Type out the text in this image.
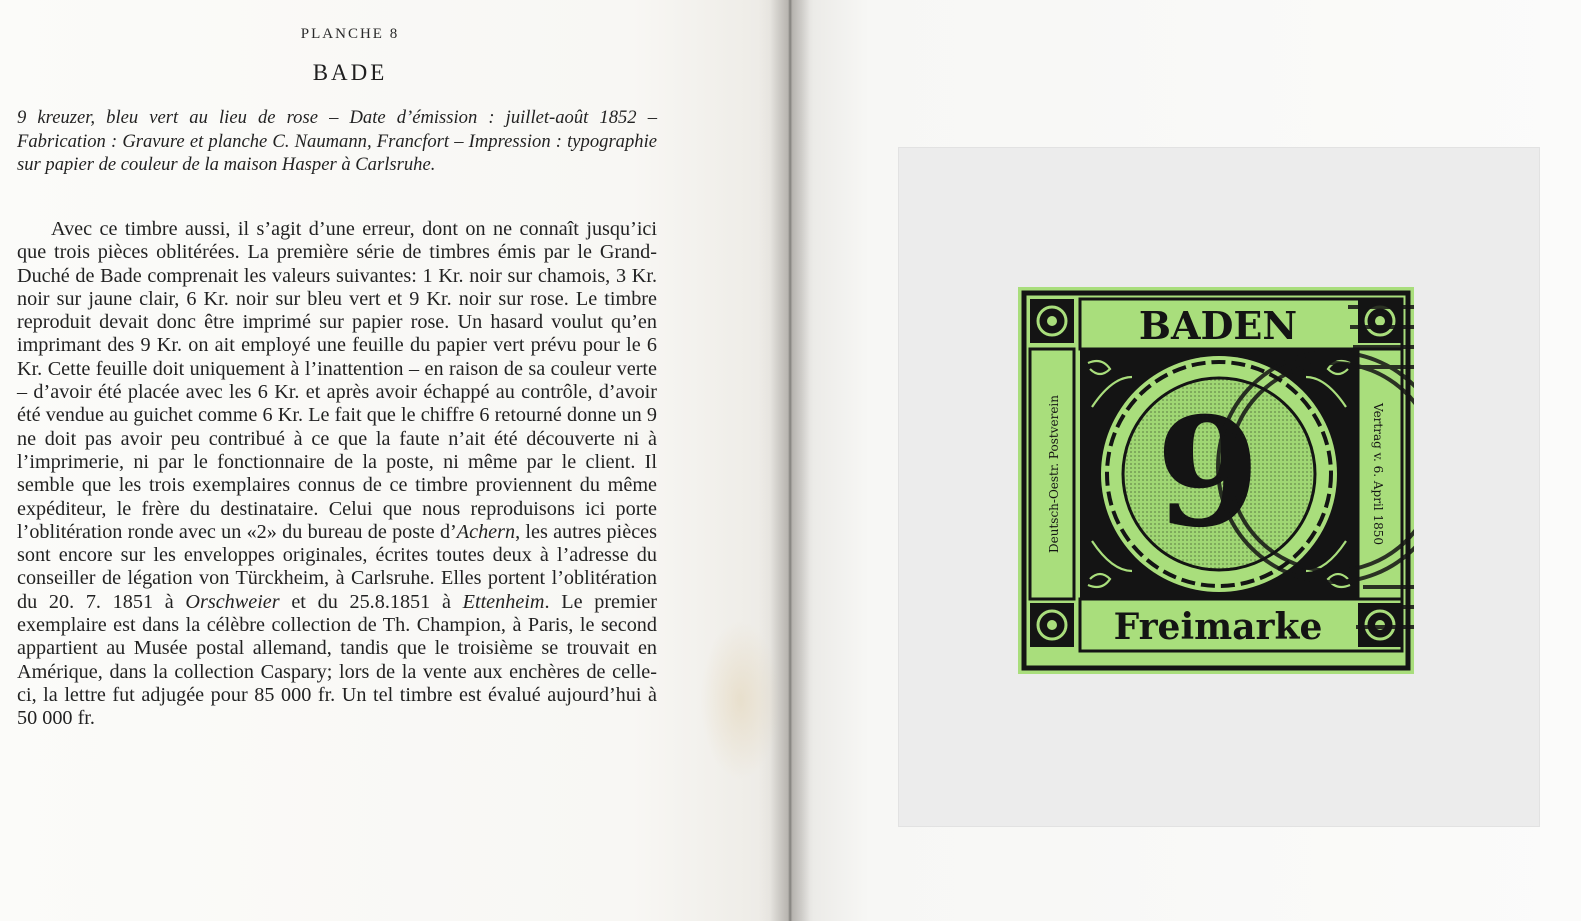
PLANCHE 8
BADE
9 kreuzer, bleu vert au lieu de rose – Date d’émission : juillet-août 1852 – Fabrication : Gravure et planche C. Naumann, Francfort – Impression : typographie sur papier de couleur de la maison Hasper à Carlsruhe.
Avec ce timbre aussi, il s’agit d’une erreur, dont on ne connaît jusqu’ici que trois pièces oblitérées. La première série de timbres émis par le Grand-Duché de Bade comprenait les valeurs suivantes: 1 Kr. noir sur chamois, 3 Kr. noir sur jaune clair, 6 Kr. noir sur bleu vert et 9 Kr. noir sur rose. Le timbre reproduit devait donc être imprimé sur papier rose. Un hasard voulut qu’en imprimant des 9 Kr. on ait employé une feuille du papier vert prévu pour le 6 Kr. Cette feuille doit uniquement à l’inattention – en raison de sa couleur verte – d’avoir été placée avec les 6 Kr. et après avoir échappé au contrôle, d’avoir été vendue au guichet comme 6 Kr. Le fait que le chiffre 6 retourné donne un 9 ne doit pas avoir peu contribué à ce que la faute n’ait été découverte ni à l’imprimerie, ni par le fonctionnaire de la poste, ni même par le client. Il semble que les trois exemplaires connus de ce timbre proviennent du même expéditeur, le frère du destinataire. Celui que nous reproduisons ici porte l’oblitération ronde avec un «2» du bureau de poste d’Achern, les autres pièces sont encore sur les enveloppes originales, écrites toutes deux à l’adresse du conseiller de légation von Türckheim, à Carlsruhe. Elles portent l’oblitération du 20. 7. 1851 à Orschweier et du 25.8.1851 à Ettenheim. Le premier exemplaire est dans la célèbre collection de Th. Champion, à Paris, le second appartient au Musée postal allemand, tandis que le troisième se trouvait en Amérique, dans la collection Caspary; lors de la vente aux enchères de celle-ci, la lettre fut adjugée pour 85 000 fr. Un tel timbre est évalué aujourd’hui à 50 000 fr.
BADEN
Freimarke
Deutsch-Oestr. Postverein	Vertrag v. 6. April 1850
9
